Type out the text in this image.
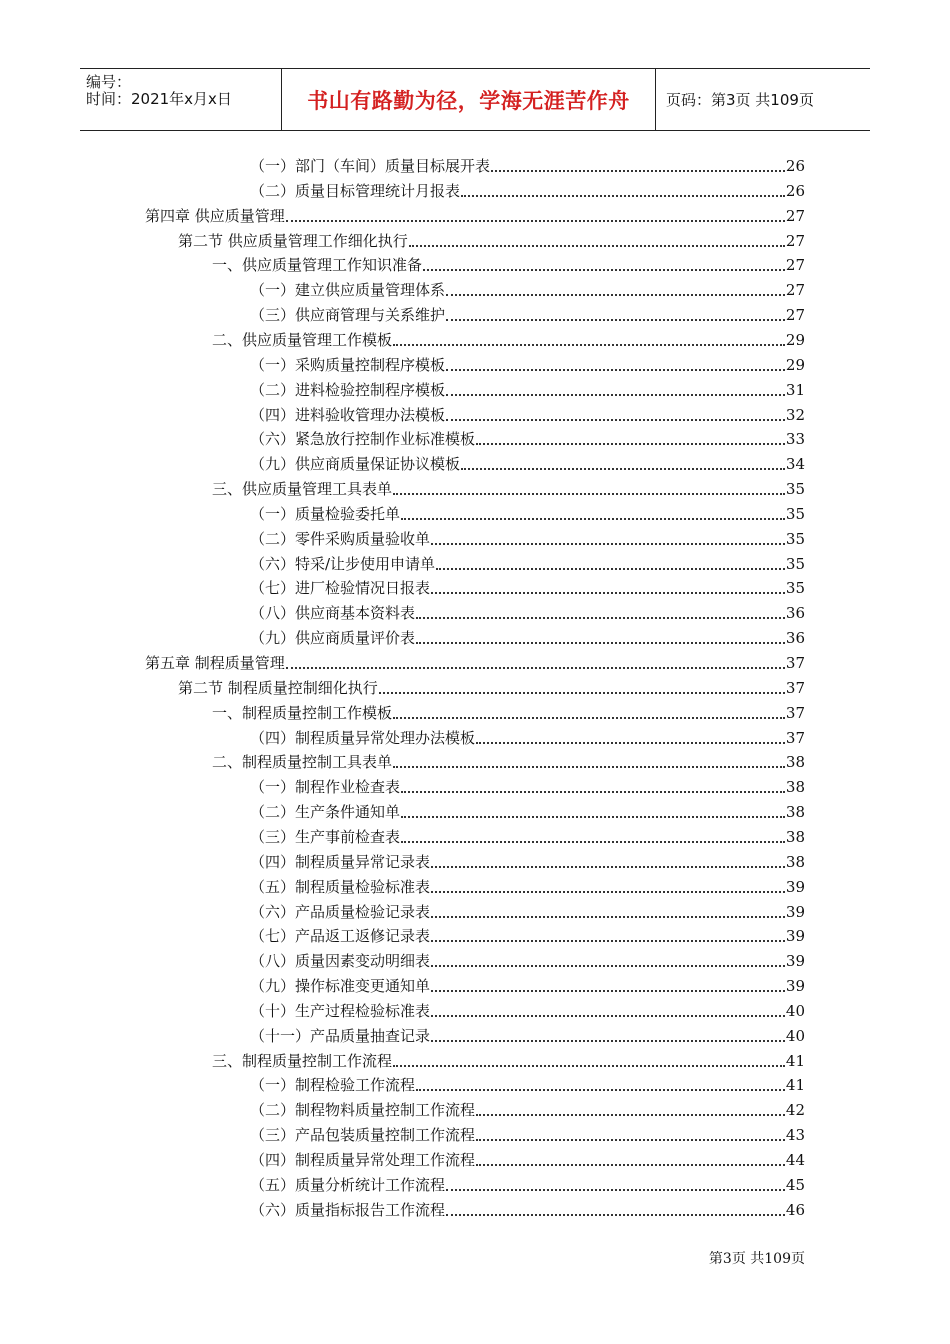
编号：
时间：2021年x月x日	书山有路勤为径，学海无涯苦作舟 页码：第3页 共109页
（一）部门（车间）质量目标展开表	26
（二）质量目标管理统计月报表	26
第四章 供应质量管理	27
第二节 供应质量管理工作细化执行	27
一、供应质量管理工作知识准备	27
（一）建立供应质量管理体系	27
（三）供应商管理与关系维护	27
二、供应质量管理工作模板	29
（一）采购质量控制程序模板	29
（二）进料检验控制程序模板	31
（四）进料验收管理办法模板	32
（六）紧急放行控制作业标准模板	33
（九）供应商质量保证协议模板	34
三、供应质量管理工具表单	35
（一）质量检验委托单	35
（二）零件采购质量验收单	35
（六）特采/让步使用申请单	35
（七）进厂检验情况日报表	35
（八）供应商基本资料表	36
（九）供应商质量评价表	36
第五章 制程质量管理	37
第二节 制程质量控制细化执行	37
一、制程质量控制工作模板	37
（四）制程质量异常处理办法模板	37
二、制程质量控制工具表单	38
（一）制程作业检查表	38
（二）生产条件通知单	38
（三）生产事前检查表	38
（四）制程质量异常记录表	38
（五）制程质量检验标准表	39
（六）产品质量检验记录表	39
（七）产品返工返修记录表	39
（八）质量因素变动明细表	39
（九）操作标准变更通知单	39
（十）生产过程检验标准表	40
（十一）产品质量抽查记录	40
三、制程质量控制工作流程	41
（一）制程检验工作流程	41
（二）制程物料质量控制工作流程	42
（三）产品包装质量控制工作流程	43
（四）制程质量异常处理工作流程	44
（五）质量分析统计工作流程	45
（六）质量指标报告工作流程	46
第3页 共109页
